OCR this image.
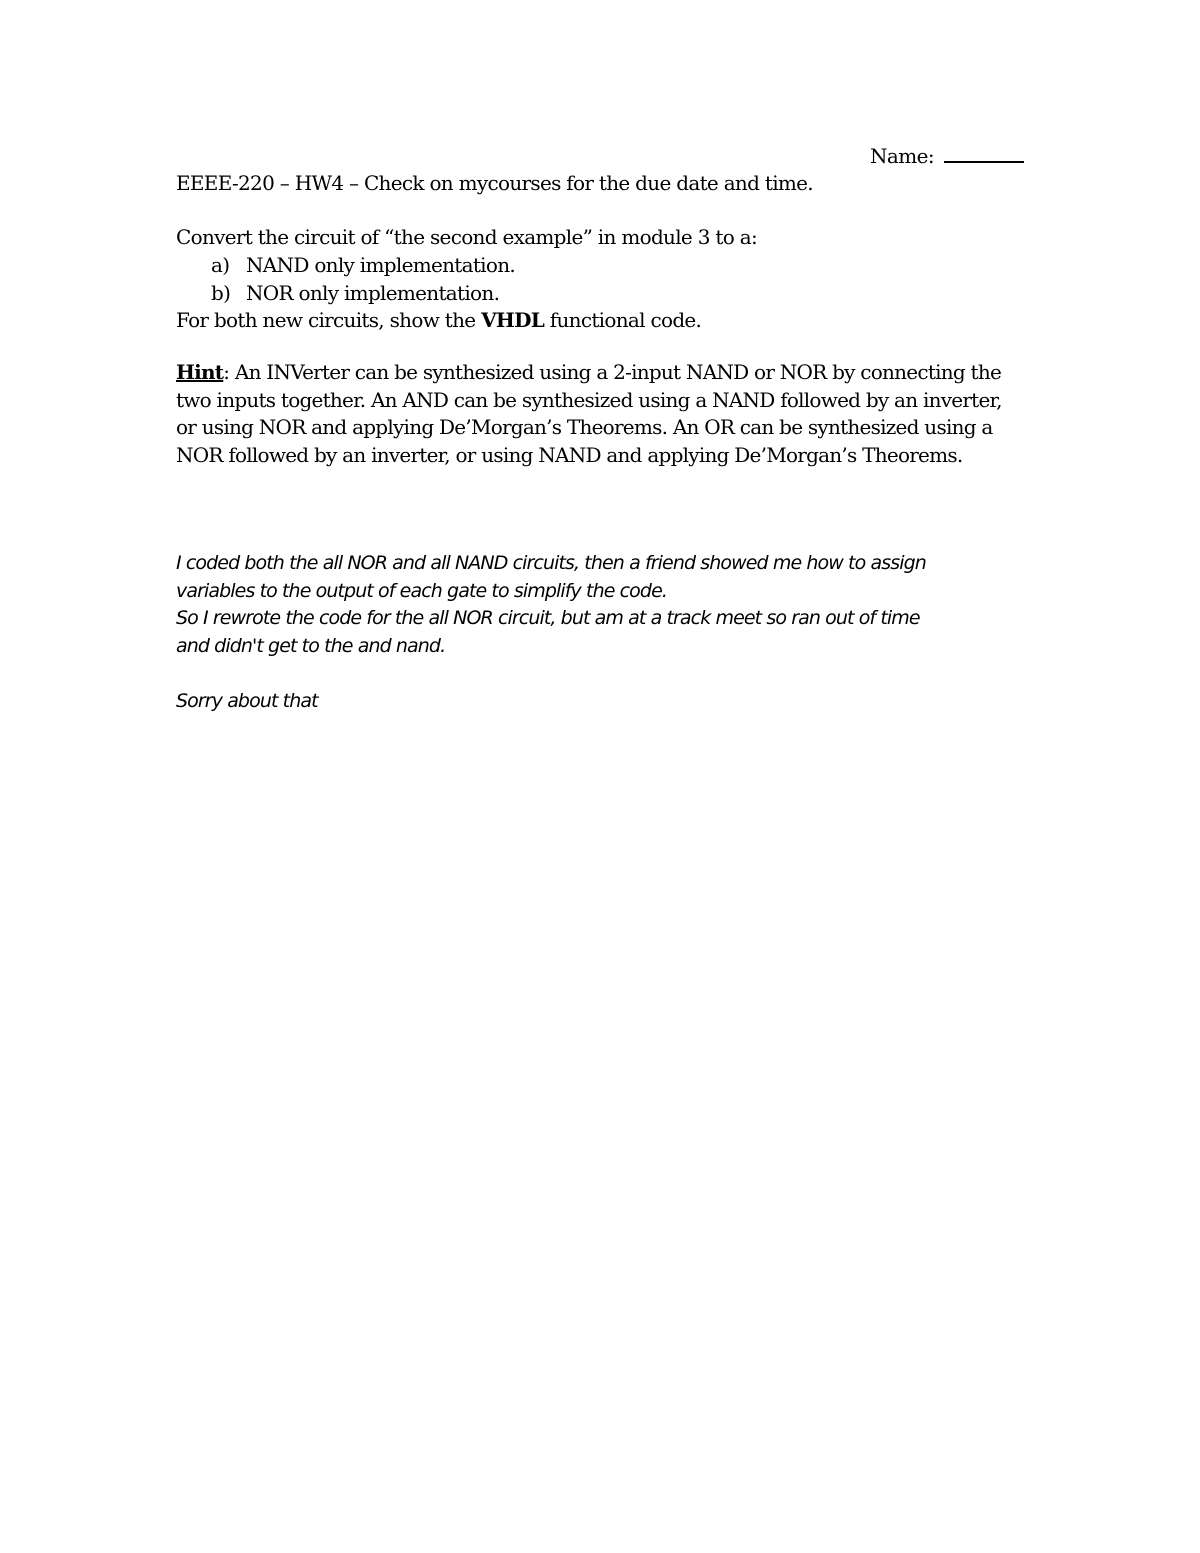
Name:
EEEE-220 – HW4 – Check on mycourses for the due date and time.
Convert the circuit of “the second example” in module 3 to a:
a) NAND only implementation.
b) NOR only implementation.
For both new circuits, show the VHDL functional code.
Hint: An INVerter can be synthesized using a 2-input NAND or NOR by connecting the
two inputs together. An AND can be synthesized using a NAND followed by an inverter,
or using NOR and applying De’Morgan’s Theorems. An OR can be synthesized using a
NOR followed by an inverter, or using NAND and applying De’Morgan’s Theorems.
I coded both the all NOR and all NAND circuits, then a friend showed me how to assign
variables to the output of each gate to simplify the code.
So I rewrote the code for the all NOR circuit, but am at a track meet so ran out of time
and didn't get to the and nand.
Sorry about that
